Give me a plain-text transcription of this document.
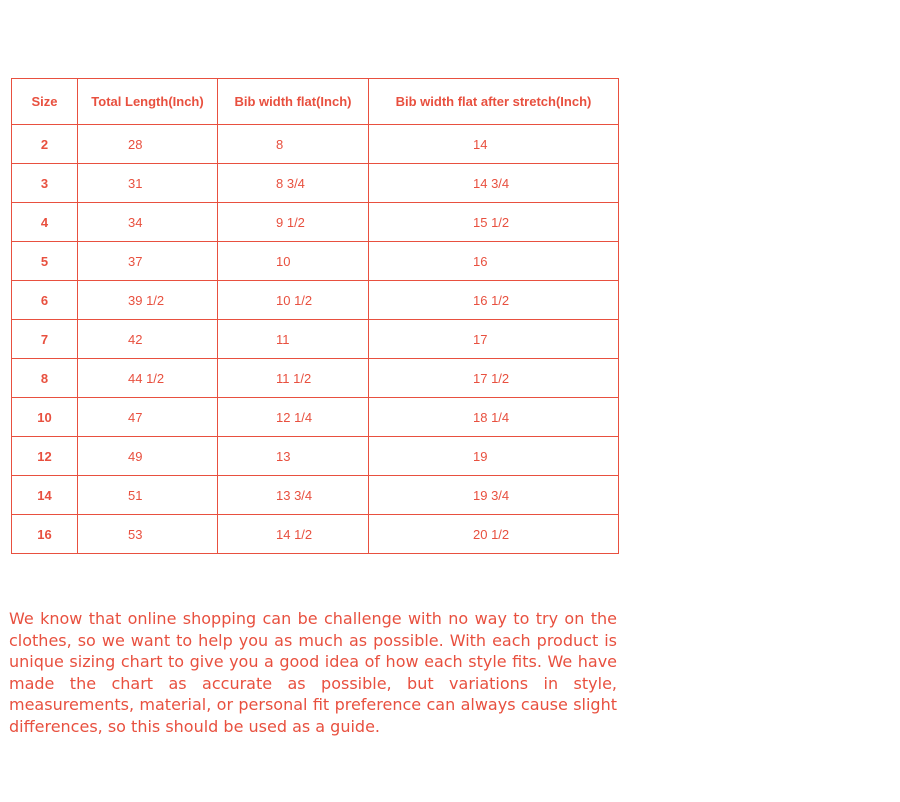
Size	Total Length(Inch)	Bib width flat(Inch)	Bib width flat after stretch(Inch)
2	28	8	14
3	31	8 3/4	14 3/4
4	34	9 1/2	15 1/2
5	37	10	16
6	39 1/2	10 1/2	16 1/2
7	42	11	17
8	44 1/2	11 1/2	17 1/2
10	47	12 1/4	18 1/4
12	49	13	19
14	51	13 3/4	19 3/4
16	53	14 1/2	20 1/2

We know that online shopping can be challenge with no way to try on the clothes, so we want to help you as much as possible. With each product is unique sizing chart to give you a good idea of how each style fits. We have made the chart as accurate as possible, but variations in style, measurements, material, or personal fit preference can always cause slight differences, so this should be used as a guide.
